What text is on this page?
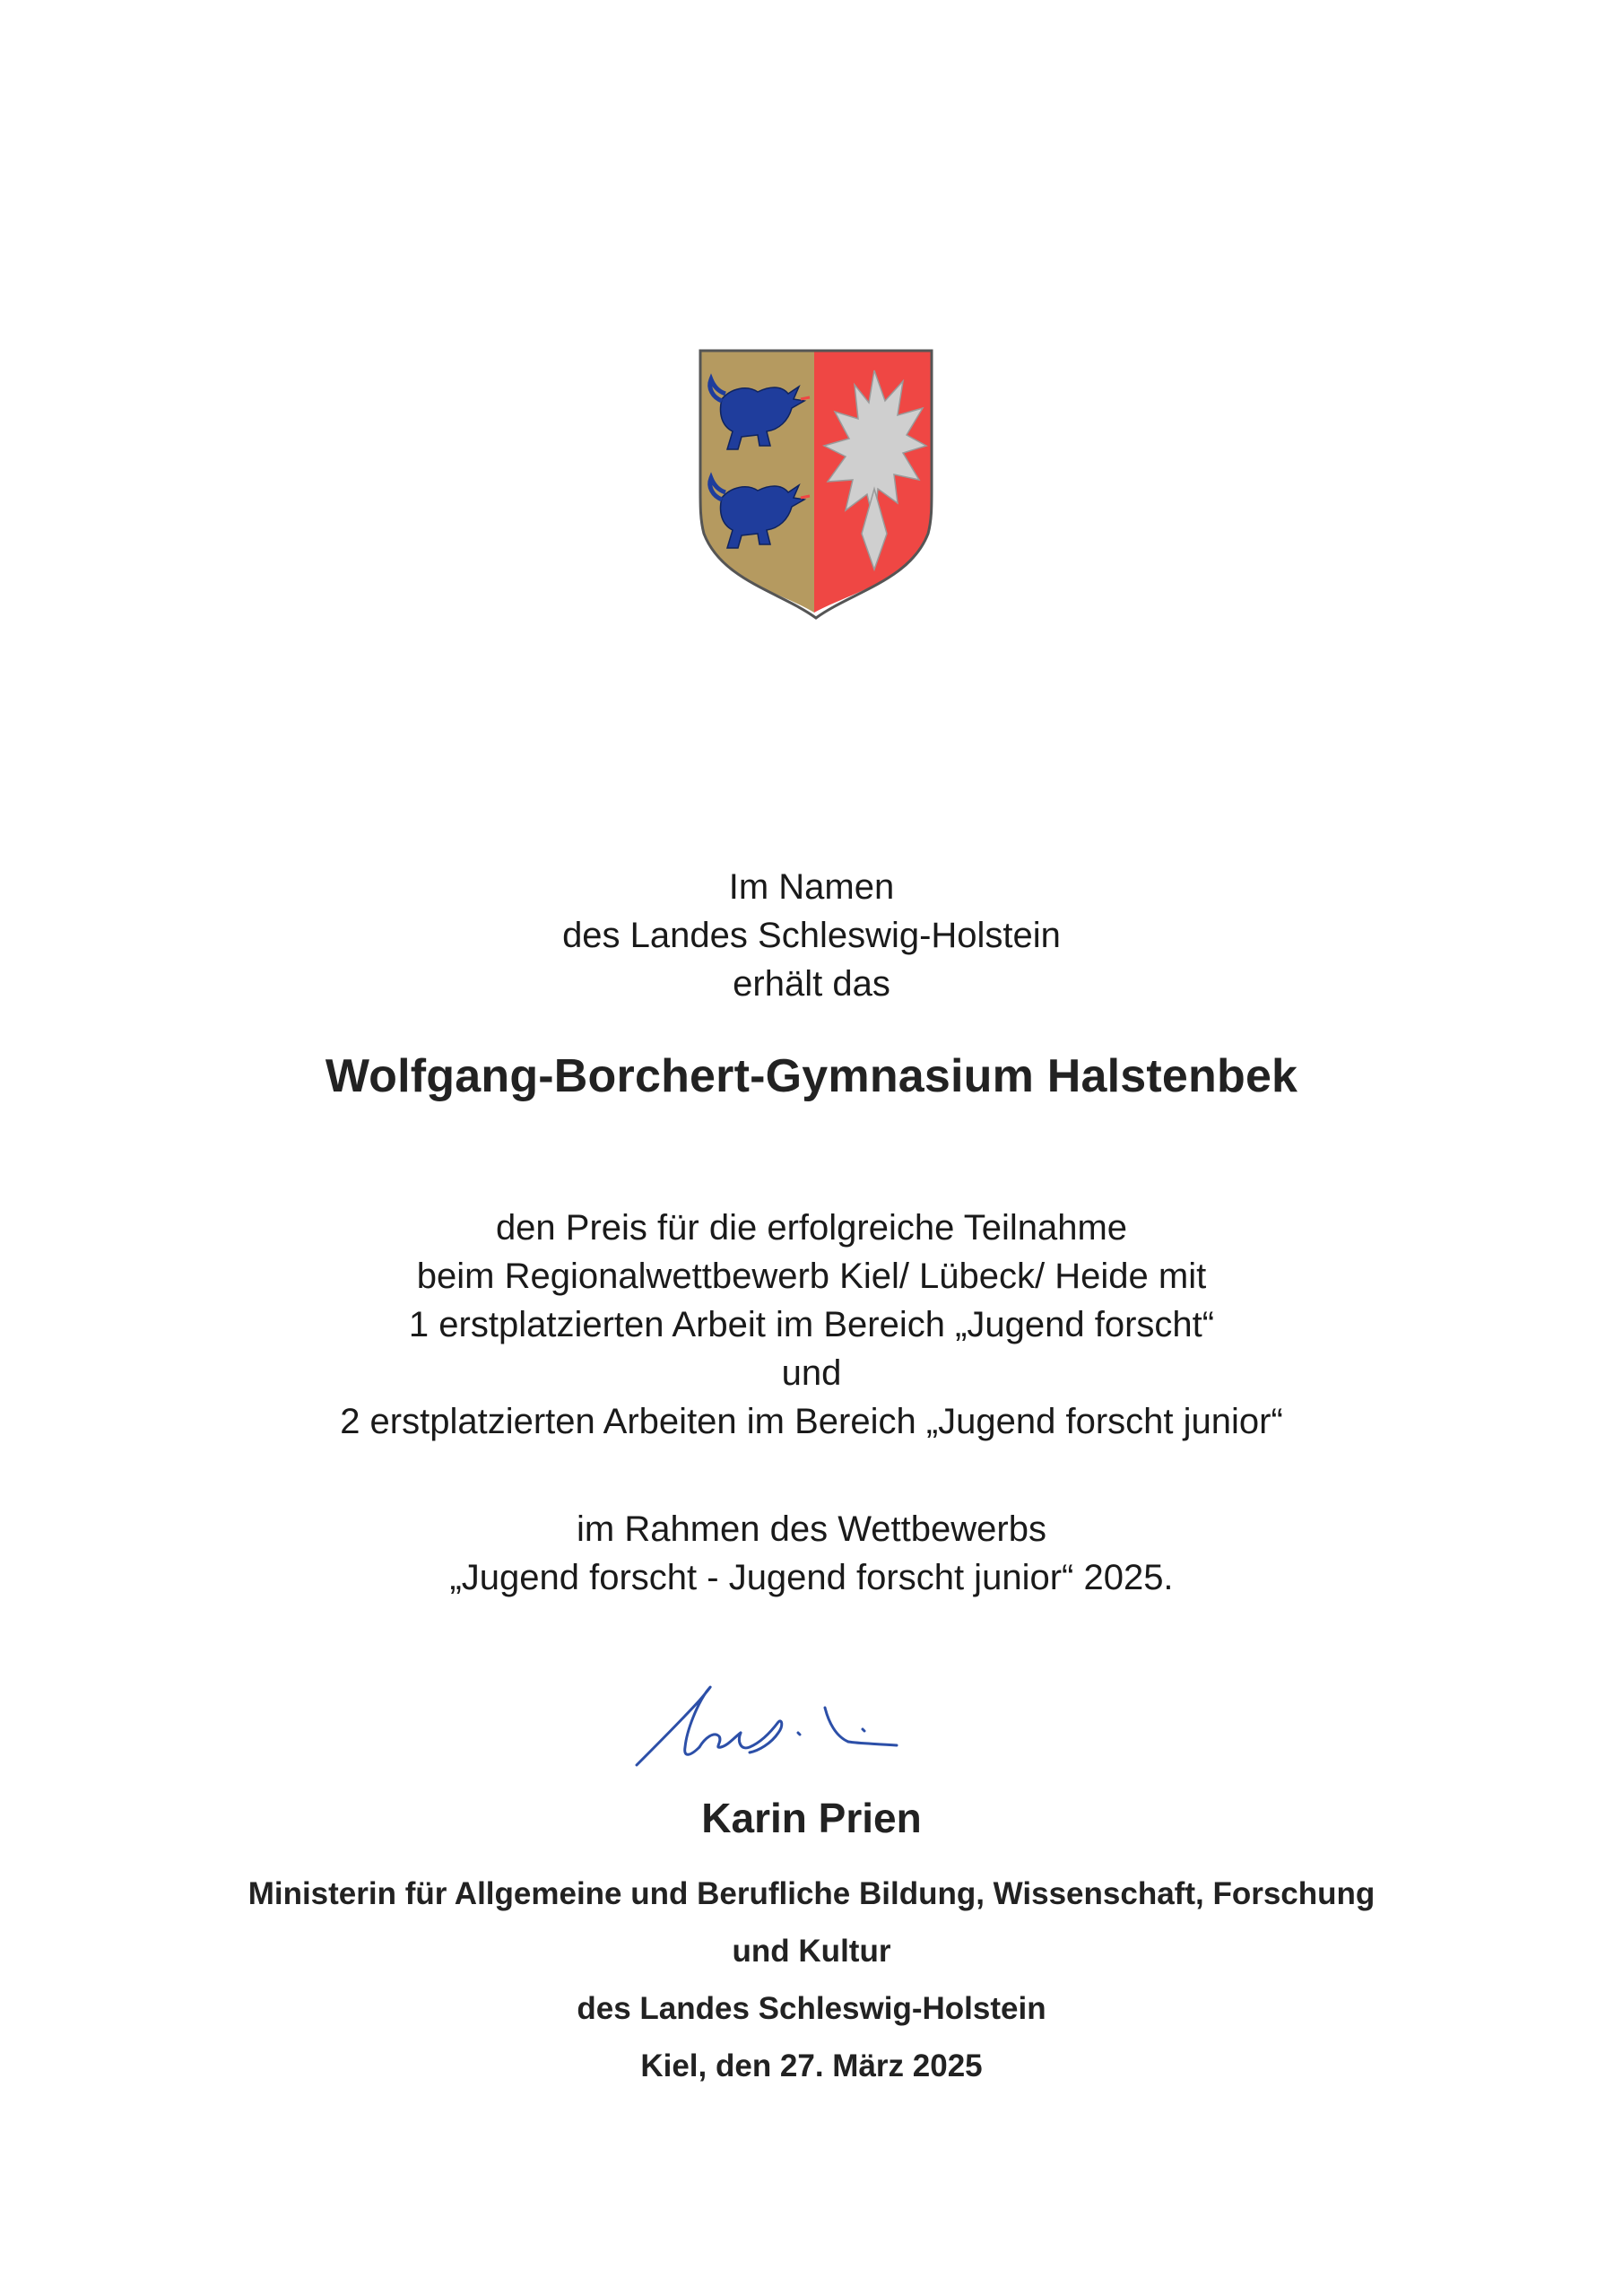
Im Namen
des Landes Schleswig-Holstein
erhält das
Wolfgang-Borchert-Gymnasium Halstenbek
den Preis für die erfolgreiche Teilnahme
beim Regionalwettbewerb Kiel/ Lübeck/ Heide mit
1 erstplatzierten Arbeit im Bereich „Jugend forscht“
und
2 erstplatzierten Arbeiten im Bereich „Jugend forscht junior“
im Rahmen des Wettbewerbs
„Jugend forscht - Jugend forscht junior“ 2025.
Karin Prien
Ministerin für Allgemeine und Berufliche Bildung, Wissenschaft, Forschung
und Kultur
des Landes Schleswig-Holstein
Kiel, den 27. März 2025
